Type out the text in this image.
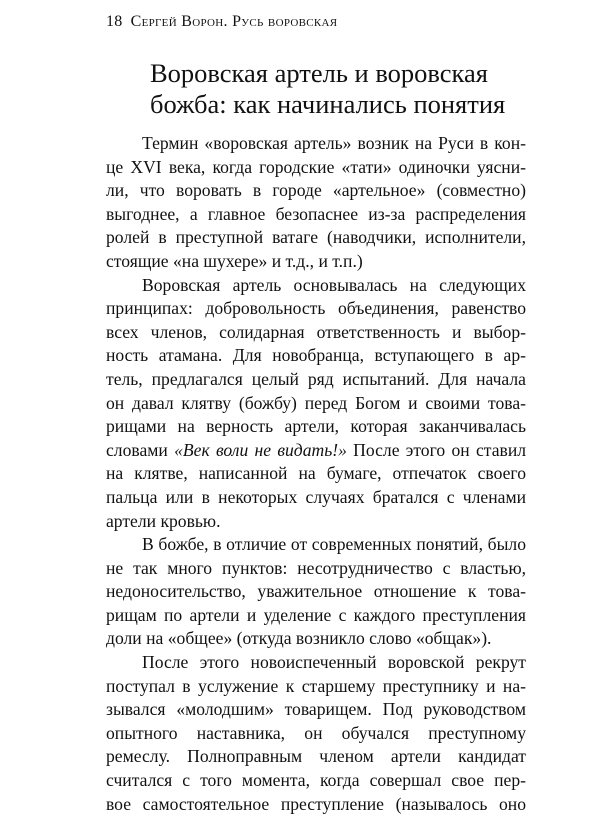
18 Сергей Ворон. Русь воровская
Воровская артель и воровская
божба: как начинались понятия
Термин «воровская артель» возник на Руси в кон-
це XVI века, когда городские «тати» одиночки уясни-
ли, что воровать в городе «артельное» (совместно)
выгоднее, а главное безопаснее из-за распределения
ролей в преступной ватаге (наводчики, исполнители,
стоящие «на шухере» и т.д., и т.п.)
Воровская артель основывалась на следующих
принципах: добровольность объединения, равенство
всех членов, солидарная ответственность и выбор-
ность атамана. Для новобранца, вступающего в ар-
тель, предлагался целый ряд испытаний. Для начала
он давал клятву (божбу) перед Богом и своими това-
рищами на верность артели, которая заканчивалась
словами «Век воли не видать!» После этого он ставил
на клятве, написанной на бумаге, отпечаток своего
пальца или в некоторых случаях братался с членами
артели кровью.
В божбе, в отличие от современных понятий, было
не так много пунктов: несотрудничество с властью,
недоносительство, уважительное отношение к това-
рищам по артели и уделение с каждого преступления
доли на «общее» (откуда возникло слово «общак»).
После этого новоиспеченный воровской рекрут
поступал в услужение к старшему преступнику и на-
зывался «молодшим» товарищем. Под руководством
опытного наставника, он обучался преступному
ремеслу. Полноправным членом артели кандидат
считался с того момента, когда совершал свое пер-
вое самостоятельное преступление (называлось оно
